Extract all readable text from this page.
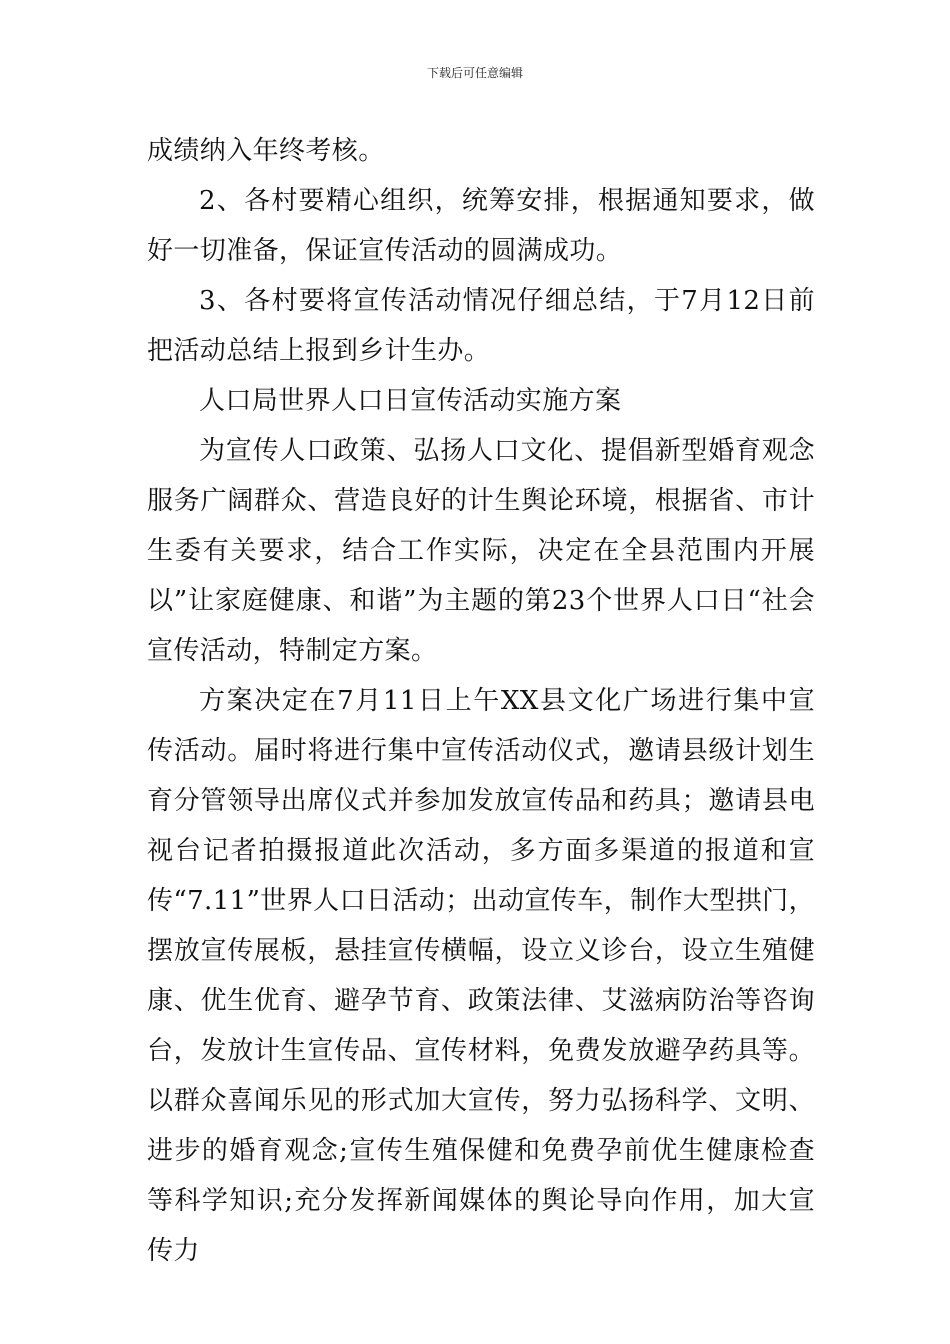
下载后可任意编辑

成绩纳入年终考核。

2、各村要精心组织，统筹安排，根据通知要求，做好一切准备，保证宣传活动的圆满成功。

3、各村要将宣传活动情况仔细总结，于7月12日前把活动总结上报到乡计生办。

人口局世界人口日宣传活动实施方案

为宣传人口政策、弘扬人口文化、提倡新型婚育观念服务广阔群众、营造良好的计生舆论环境，根据省、市计生委有关要求，结合工作实际，决定在全县范围内开展以”让家庭健康、和谐”为主题的第23个世界人口日“社会宣传活动，特制定方案。

方案决定在7月11日上午XX县文化广场进行集中宣传活动。届时将进行集中宣传活动仪式，邀请县级计划生育分管领导出席仪式并参加发放宣传品和药具；邀请县电视台记者拍摄报道此次活动，多方面多渠道的报道和宣传“7.11”世界人口日活动；出动宣传车，制作大型拱门，摆放宣传展板，悬挂宣传横幅，设立义诊台，设立生殖健康、优生优育、避孕节育、政策法律、艾滋病防治等咨询台，发放计生宣传品、宣传材料，免费发放避孕药具等。以群众喜闻乐见的形式加大宣传，努力弘扬科学、文明、进步的婚育观念;宣传生殖保健和免费孕前优生健康检查等科学知识;充分发挥新闻媒体的舆论导向作用，加大宣传力
